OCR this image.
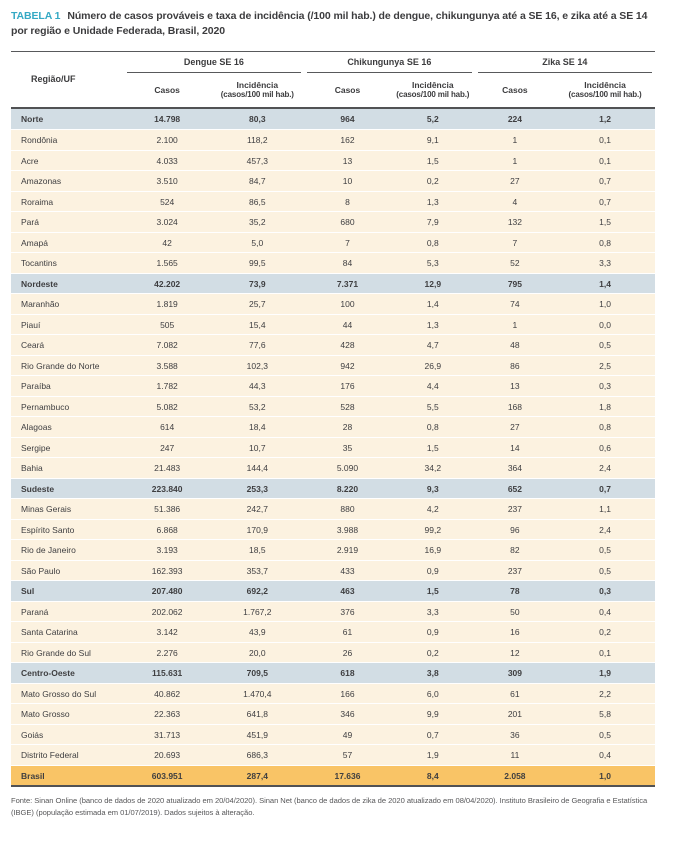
TABELA 1 Número de casos prováveis e taxa de incidência (/100 mil hab.) de dengue, chikungunya até a SE 16, e zika até a SE 14 por região e Unidade Federada, Brasil, 2020
Região/UF
Dengue SE 16	Chikungunya SE 16	Zika SE 14
Casos	Incidência
(casos/100 mil hab.)
Casos	Incidência
(casos/100 mil hab.)
Casos	Incidência
(casos/100 mil hab.)
Norte	14.798	80,3	964	5,2	224	1,2
Rondônia	2.100	118,2	162	9,1	1	0,1
Acre	4.033	457,3	13	1,5	1	0,1
Amazonas	3.510	84,7	10	0,2	27	0,7
Roraima	524	86,5	8	1,3	4	0,7
Pará	3.024	35,2	680	7,9	132	1,5
Amapá	42	5,0	7	0,8	7	0,8
Tocantins	1.565	99,5	84	5,3	52	3,3
Nordeste	42.202	73,9	7.371	12,9	795	1,4
Maranhão	1.819	25,7	100	1,4	74	1,0
Piauí	505	15,4	44	1,3	1	0,0
Ceará	7.082	77,6	428	4,7	48	0,5
Rio Grande do Norte	3.588	102,3	942	26,9	86	2,5
Paraíba	1.782	44,3	176	4,4	13	0,3
Pernambuco	5.082	53,2	528	5,5	168	1,8
Alagoas	614	18,4	28	0,8	27	0,8
Sergipe	247	10,7	35	1,5	14	0,6
Bahia	21.483	144,4	5.090	34,2	364	2,4
Sudeste	223.840	253,3	8.220	9,3	652	0,7
Minas Gerais	51.386	242,7	880	4,2	237	1,1
Espírito Santo	6.868	170,9	3.988	99,2	96	2,4
Rio de Janeiro	3.193	18,5	2.919	16,9	82	0,5
São Paulo	162.393	353,7	433	0,9	237	0,5
Sul	207.480	692,2	463	1,5	78	0,3
Paraná	202.062	1.767,2	376	3,3	50	0,4
Santa Catarina	3.142	43,9	61	0,9	16	0,2
Rio Grande do Sul	2.276	20,0	26	0,2	12	0,1
Centro-Oeste	115.631	709,5	618	3,8	309	1,9
Mato Grosso do Sul	40.862	1.470,4	166	6,0	61	2,2
Mato Grosso	22.363	641,8	346	9,9	201	5,8
Goiás	31.713	451,9	49	0,7	36	0,5
Distrito Federal	20.693	686,3	57	1,9	11	0,4
Brasil	603.951	287,4	17.636	8,4	2.058	1,0
Fonte: Sinan Online (banco de dados de 2020 atualizado em 20/04/2020). Sinan Net (banco de dados de zika de 2020 atualizado em 08/04/2020). Instituto Brasileiro de Geografia e Estatística (IBGE) (população estimada em 01/07/2019). Dados sujeitos à alteração.
